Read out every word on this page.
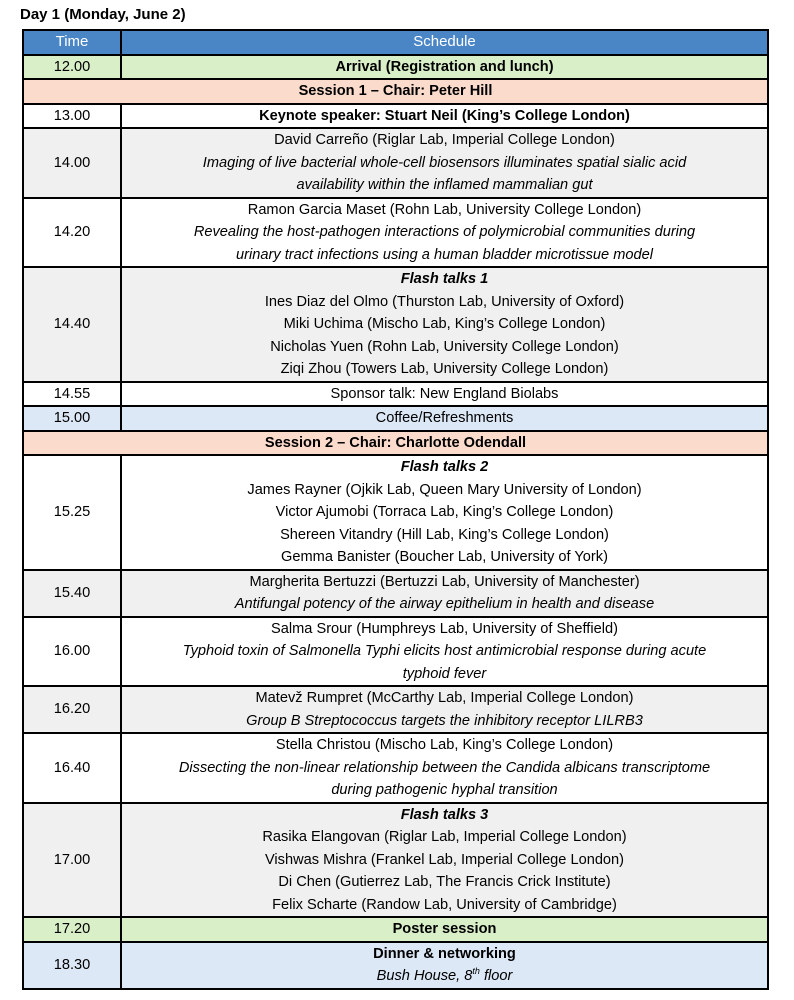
Day 1 (Monday, June 2)
Time	Schedule
12.00	Arrival (Registration and lunch)
Session 1 – Chair: Peter Hill	
13.00	Keynote speaker: Stuart Neil (King’s College London)
14.00	David Carreño (Riglar Lab, Imperial College London)
Imaging of live bacterial whole-cell biosensors illuminates spatial sialic acid
availability within the inflamed mammalian gut

14.20	Ramon Garcia Maset (Rohn Lab, University College London)
Revealing the host-pathogen interactions of polymicrobial communities during
urinary tract infections using a human bladder microtissue model

14.40	Flash talks 1
Ines Diaz del Olmo (Thurston Lab, University of Oxford)
Miki Uchima (Mischo Lab, King’s College London)
Nicholas Yuen (Rohn Lab, University College London)
Ziqi Zhou (Towers Lab, University College London)

14.55	Sponsor talk: New England Biolabs
15.00	Coffee/Refreshments
Session 2 – Chair: Charlotte Odendall	
15.25	Flash talks 2
James Rayner (Ojkik Lab, Queen Mary University of London)
Victor Ajumobi (Torraca Lab, King’s College London)
Shereen Vitandry (Hill Lab, King’s College London)
Gemma Banister (Boucher Lab, University of York)

15.40	Margherita Bertuzzi (Bertuzzi Lab, University of Manchester)
Antifungal potency of the airway epithelium in health and disease

16.00	Salma Srour (Humphreys Lab, University of Sheffield)
Typhoid toxin of Salmonella Typhi elicits host antimicrobial response during acute
typhoid fever

16.20	Matevž Rumpret (McCarthy Lab, Imperial College London)
Group B Streptococcus targets the inhibitory receptor LILRB3

16.40	Stella Christou (Mischo Lab, King’s College London)
Dissecting the non-linear relationship between the Candida albicans transcriptome
during pathogenic hyphal transition

17.00	Flash talks 3
Rasika Elangovan (Riglar Lab, Imperial College London)
Vishwas Mishra (Frankel Lab, Imperial College London)
Di Chen (Gutierrez Lab, The Francis Crick Institute)
Felix Scharte (Randow Lab, University of Cambridge)

17.20	Poster session
18.30	Dinner & networking
Bush House, 8th floor
